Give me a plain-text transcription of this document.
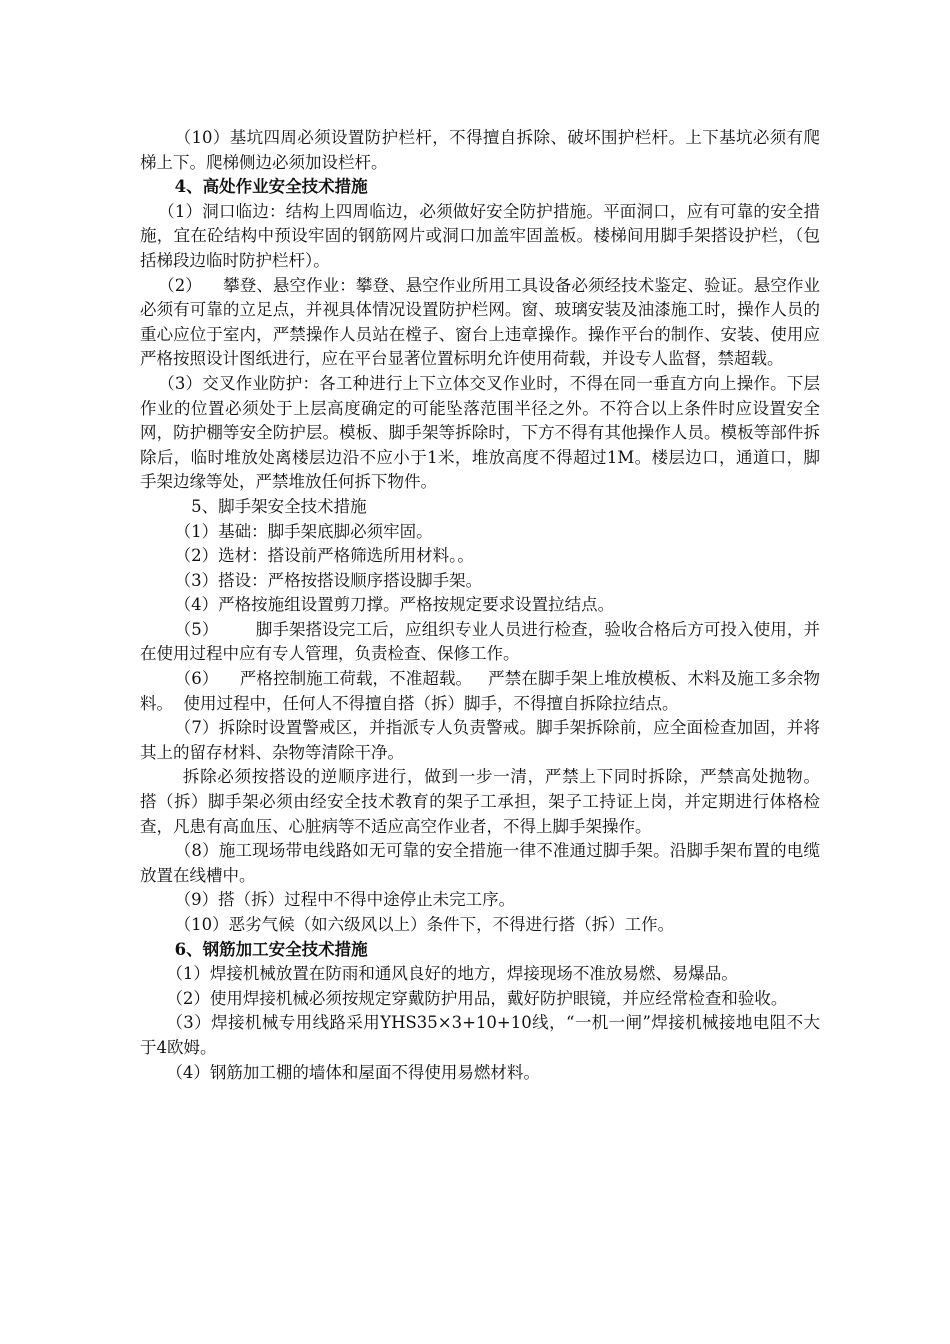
（10）基坑四周必须设置防护栏杆，不得擅自拆除、破坏围护栏杆。上下基坑必须有爬梯上下。爬梯侧边必须加设栏杆。

4、高处作业安全技术措施

（1）洞口临边：结构上四周临边，必须做好安全防护措施。平面洞口，应有可靠的安全措施，宜在砼结构中预设牢固的钢筋网片或洞口加盖牢固盖板。楼梯间用脚手架搭设护栏，（包括梯段边临时防护栏杆）。

（2）    攀登、悬空作业：攀登、悬空作业所用工具设备必须经技术鉴定、验证。悬空作业必须有可靠的立足点，并视具体情况设置防护栏网。窗、玻璃安装及油漆施工时，操作人员的重心应位于室内，严禁操作人员站在樘子、窗台上违章操作。操作平台的制作、安装、使用应严格按照设计图纸进行，应在平台显著位置标明允许使用荷载，并设专人监督，禁超载。

（3）交叉作业防护：各工种进行上下立体交叉作业时，不得在同一垂直方向上操作。下层作业的位置必须处于上层高度确定的可能坠落范围半径之外。不符合以上条件时应设置安全网，防护棚等安全防护层。模板、脚手架等拆除时，下方不得有其他操作人员。模板等部件拆除后，临时堆放处离楼层边沿不应小于1米，堆放高度不得超过1M。楼层边口，通道口，脚手架边缘等处，严禁堆放任何拆下物件。

5、脚手架安全技术措施

（1）基础：脚手架底脚必须牢固。

（2）选材：搭设前严格筛选所用材料。。

（3）搭设：严格按搭设顺序搭设脚手架。

（4）严格按施组设置剪刀撑。严格按规定要求设置拉结点。

（5）       脚手架搭设完工后，应组织专业人员进行检查，验收合格后方可投入使用，并在使用过程中应有专人管理，负责检查、保修工作。

（6）    严格控制施工荷载，不准超载。   严禁在脚手架上堆放模板、木料及施工多余物料。  使用过程中，任何人不得擅自搭（拆）脚手，不得擅自拆除拉结点。

（7）拆除时设置警戒区，并指派专人负责警戒。脚手架拆除前，应全面检查加固，并将其上的留存材料、杂物等清除干净。

拆除必须按搭设的逆顺序进行，做到一步一清，严禁上下同时拆除，严禁高处抛物。    搭（拆）脚手架必须由经安全技术教育的架子工承担，架子工持证上岗，并定期进行体格检查，凡患有高血压、心脏病等不适应高空作业者，不得上脚手架操作。

（8）施工现场带电线路如无可靠的安全措施一律不准通过脚手架。沿脚手架布置的电缆放置在线槽中。

（9）搭（拆）过程中不得中途停止未完工序。

（10）恶劣气候（如六级风以上）条件下，不得进行搭（拆）工作。

6、钢筋加工安全技术措施

（1）焊接机械放置在防雨和通风良好的地方，焊接现场不准放易燃、易爆品。

（2）使用焊接机械必须按规定穿戴防护用品，戴好防护眼镜，并应经常检查和验收。

（3）焊接机械专用线路采用YHS35×3+10+10线，“一机一闸”焊接机械接地电阻不大于4欧姆。

（4）钢筋加工棚的墙体和屋面不得使用易燃材料。
